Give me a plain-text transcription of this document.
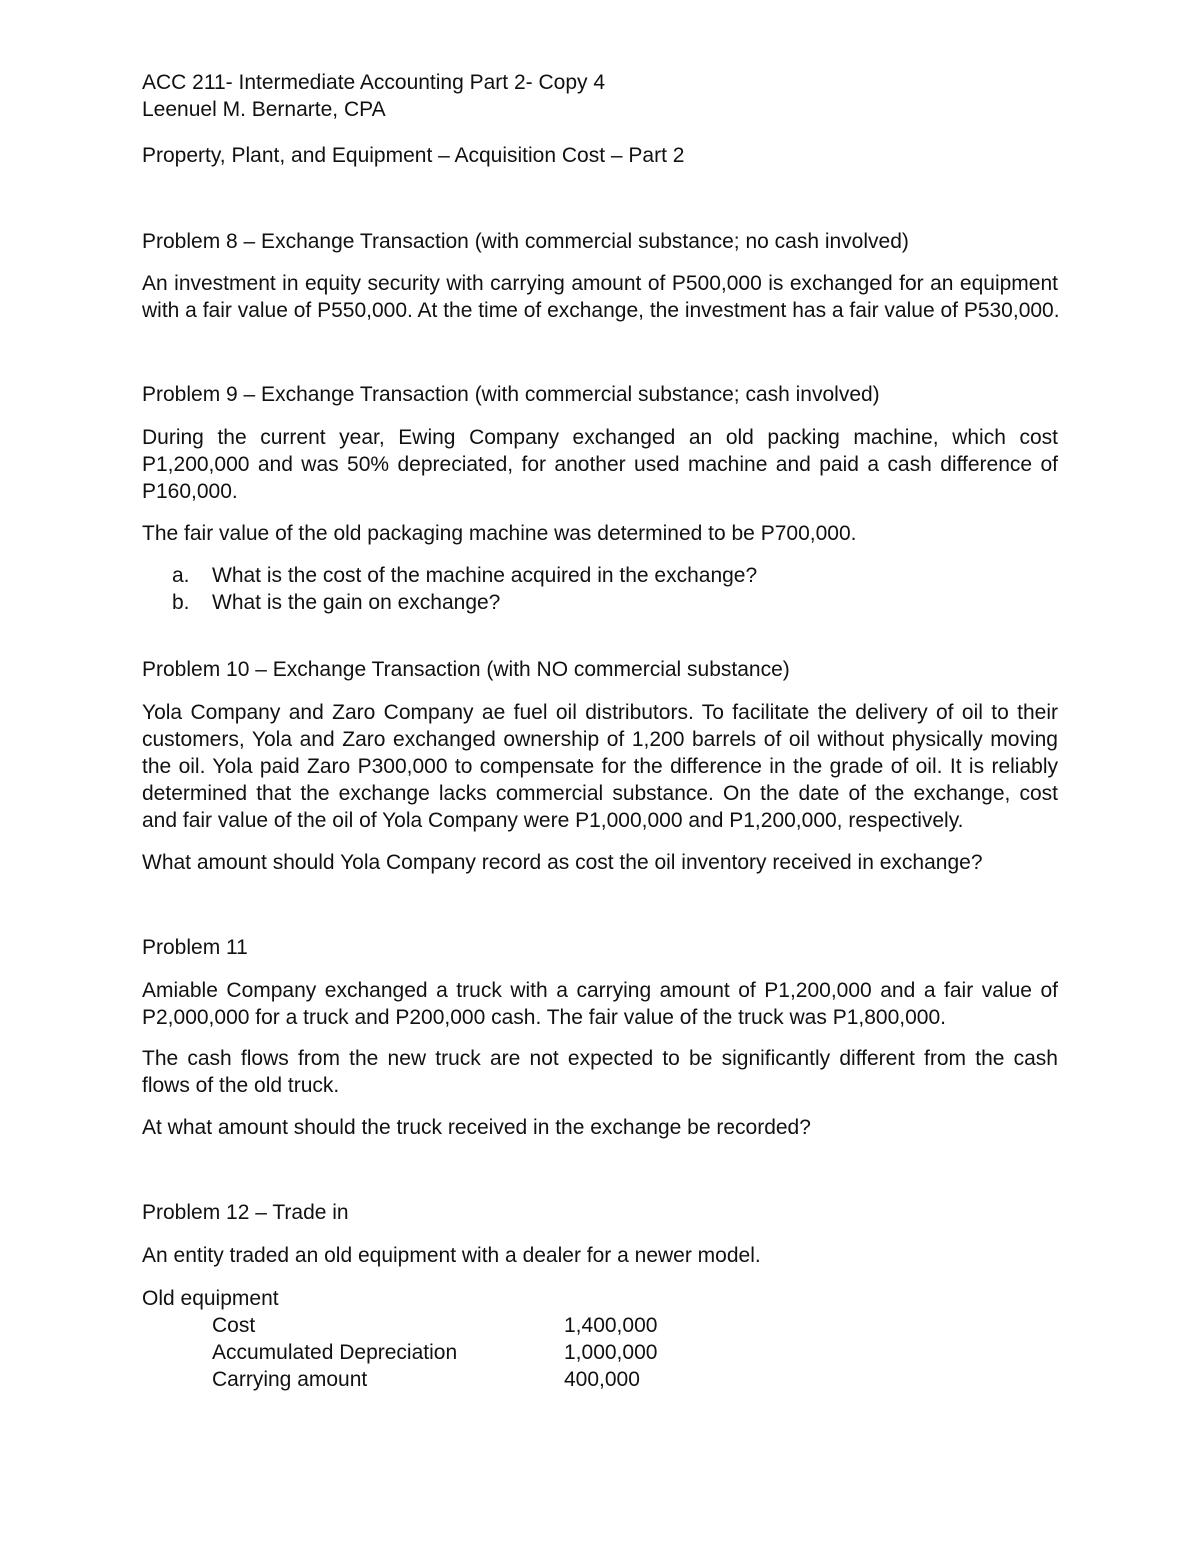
ACC 211- Intermediate Accounting Part 2- Copy 4
Leenuel M. Bernarte, CPA
Property, Plant, and Equipment – Acquisition Cost – Part 2
Problem 8 – Exchange Transaction (with commercial substance; no cash involved)
An investment in equity security with carrying amount of P500,000 is exchanged for an equipment
with a fair value of P550,000. At the time of exchange, the investment has a fair value of P530,000.
Problem 9 – Exchange Transaction (with commercial substance; cash involved)
During the current year, Ewing Company exchanged an old packing machine, which cost
P1,200,000 and was 50% depreciated, for another used machine and paid a cash difference of
P160,000.
The fair value of the old packaging machine was determined to be P700,000.
a.	What is the cost of the machine acquired in the exchange?
b.	What is the gain on exchange?
Problem 10 – Exchange Transaction (with NO commercial substance)
Yola Company and Zaro Company ae fuel oil distributors. To facilitate the delivery of oil to their
customers, Yola and Zaro exchanged ownership of 1,200 barrels of oil without physically moving
the oil. Yola paid Zaro P300,000 to compensate for the difference in the grade of oil. It is reliably
determined that the exchange lacks commercial substance. On the date of the exchange, cost
and fair value of the oil of Yola Company were P1,000,000 and P1,200,000, respectively.
What amount should Yola Company record as cost the oil inventory received in exchange?
Problem 11
Amiable Company exchanged a truck with a carrying amount of P1,200,000 and a fair value of
P2,000,000 for a truck and P200,000 cash. The fair value of the truck was P1,800,000.
The cash flows from the new truck are not expected to be significantly different from the cash
flows of the old truck.
At what amount should the truck received in the exchange be recorded?
Problem 12 – Trade in
An entity traded an old equipment with a dealer for a newer model.
Old equipment
Cost	1,400,000
Accumulated Depreciation	1,000,000
Carrying amount	400,000
